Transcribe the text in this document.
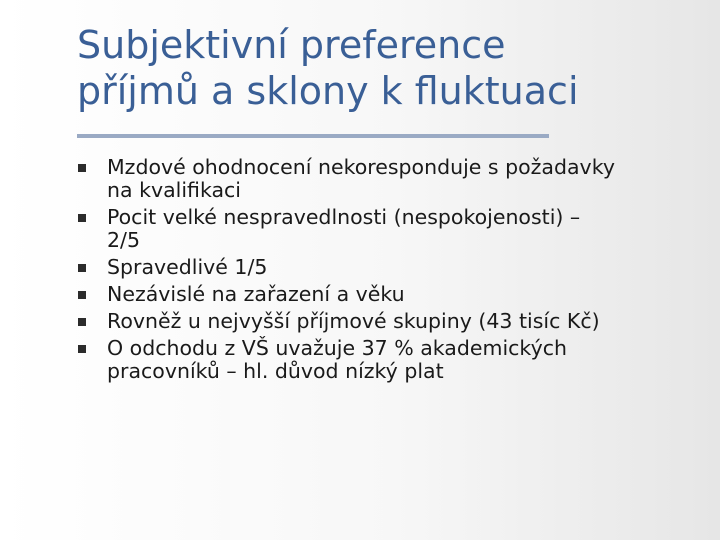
Subjektivní preference
příjmů a sklony k fluktuaci
Mzdové ohodnocení nekoresponduje s požadavky
na kvalifikaci
Pocit velké nespravedlnosti (nespokojenosti) –
2/5
Spravedlivé 1/5
Nezávislé na zařazení a věku
Rovněž u nejvyšší příjmové skupiny (43 tisíc Kč)
O odchodu z VŠ uvažuje 37 % akademických
pracovníků – hl. důvod nízký plat
